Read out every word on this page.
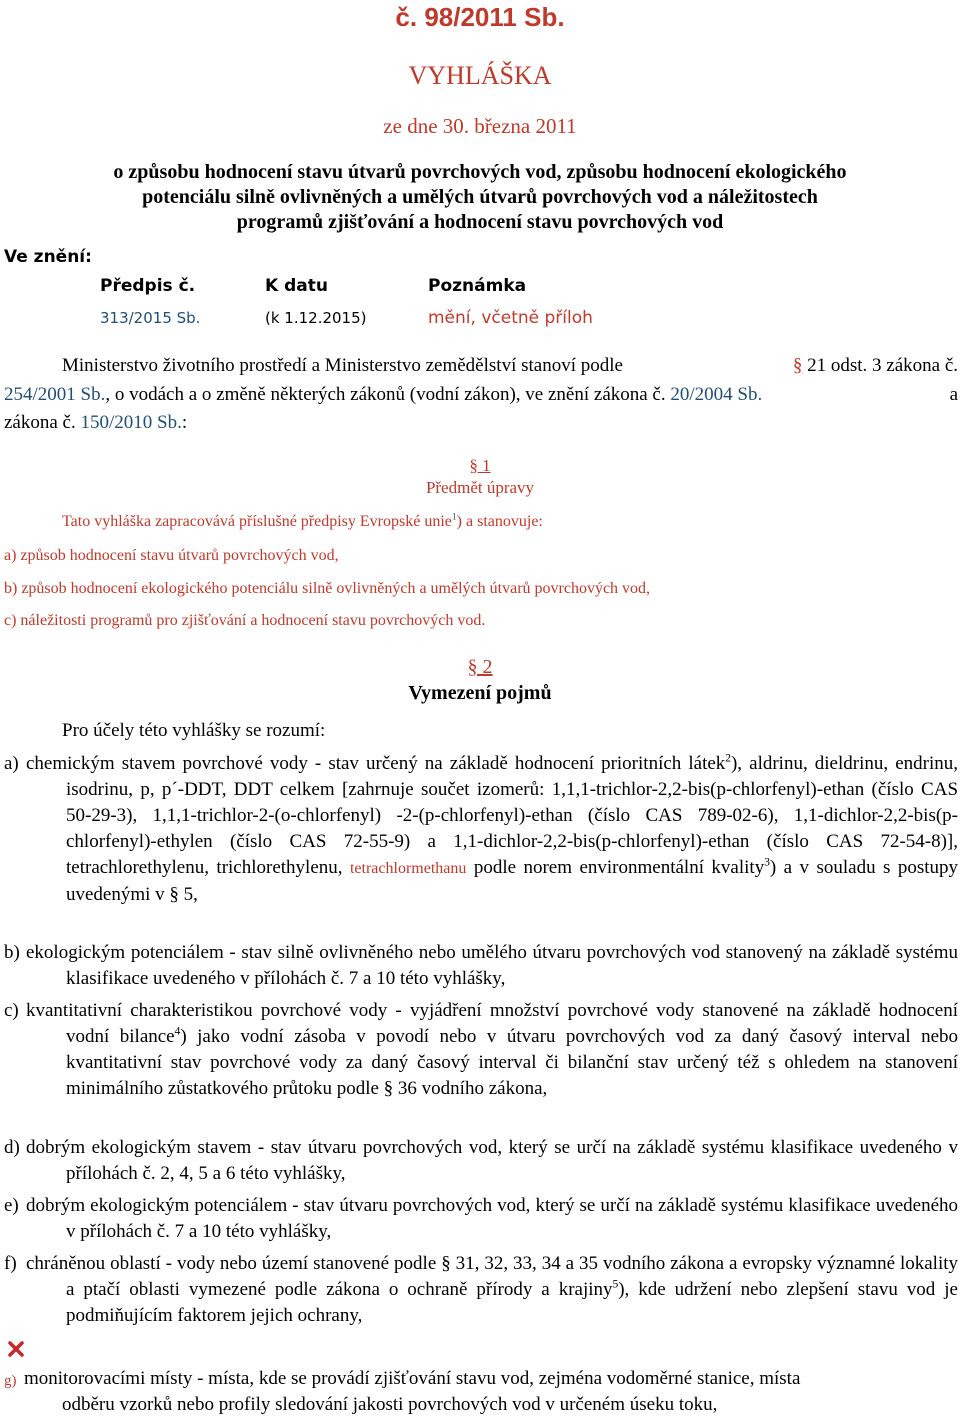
č. 98/2011 Sb.
VYHLÁŠKA
ze dne 30. března 2011
o způsobu hodnocení stavu útvarů povrchových vod, způsobu hodnocení ekologického
potenciálu silně ovlivněných a umělých útvarů povrchových vod a náležitostech
programů zjišťování a hodnocení stavu povrchových vod
Ve znění:
Předpis č.	K datu	Poznámka
313/2015 Sb.	(k 1.12.2015)	mění, včetně příloh
Ministerstvo životního prostředí a Ministerstvo zemědělství stanoví podle	§ 21 odst. 3 zákona č.
254/2001 Sb., o vodách a o změně některých zákonů (vodní zákon), ve znění zákona č. 20/2004 Sb.	a
zákona č. 150/2010 Sb.:
§ 1
Předmět úpravy
Tato vyhláška zapracovává příslušné předpisy Evropské unie$^1$) a stanovuje:
a) způsob hodnocení stavu útvarů povrchových vod,
b) způsob hodnocení ekologického potenciálu silně ovlivněných a umělých útvarů povrchových vod,
c) náležitosti programů pro zjišťování a hodnocení stavu povrchových vod.
§ 2
Vymezení pojmů
Pro účely této vyhlášky se rozumí:
a) chemickým stavem povrchové vody - stav určený na základě hodnocení prioritních látek$^2$), aldrinu, dieldrinu, endrinu, isodrinu, p, p´-DDT, DDT celkem [zahrnuje součet izomerů: 1,1,1-trichlor-2,2-bis(p-chlorfenyl)-ethan (číslo CAS 50-29-3), 1,1,1-trichlor-2-(o-chlorfenyl) -2-(p-chlorfenyl)-ethan (číslo CAS 789-02-6), 1,1-dichlor-2,2-bis(p-chlorfenyl)-ethylen (číslo CAS 72-55-9) a 1,1-dichlor-2,2-bis(p-chlorfenyl)-ethan (číslo CAS 72-54-8)], tetrachlorethylenu, trichlorethylenu, tetrachlormethanu podle norem environmentální kvality$^3$) a v souladu s postupy uvedenými v § 5,
b) ekologickým potenciálem - stav silně ovlivněného nebo umělého útvaru povrchových vod stanovený na základě systému klasifikace uvedeného v přílohách č. 7 a 10 této vyhlášky,
c) kvantitativní charakteristikou povrchové vody - vyjádření množství povrchové vody stanovené na základě hodnocení vodní bilance$^4$) jako vodní zásoba v povodí nebo v útvaru povrchových vod za daný časový interval nebo kvantitativní stav povrchové vody za daný časový interval či bilanční stav určený též s ohledem na stanovení minimálního zůstatkového průtoku podle § 36 vodního zákona,
d) dobrým ekologickým stavem - stav útvaru povrchových vod, který se určí na základě systému klasifikace uvedeného v přílohách č. 2, 4, 5 a 6 této vyhlášky,
e) dobrým ekologickým potenciálem - stav útvaru povrchových vod, který se určí na základě systému klasifikace uvedeného v přílohách č. 7 a 10 této vyhlášky,
f) chráněnou oblastí - vody nebo území stanovené podle § 31, 32, 33, 34 a 35 vodního zákona a evropsky významné lokality a ptačí oblasti vymezené podle zákona o ochraně přírody a krajiny$^5$), kde udržení nebo zlepšení stavu vod je podmiňujícím faktorem jejich ochrany,
g) monitorovacími místy - místa, kde se provádí zjišťování stavu vod, zejména vodoměrné stanice, místa
odběru vzorků nebo profily sledování jakosti povrchových vod v určeném úseku toku,
